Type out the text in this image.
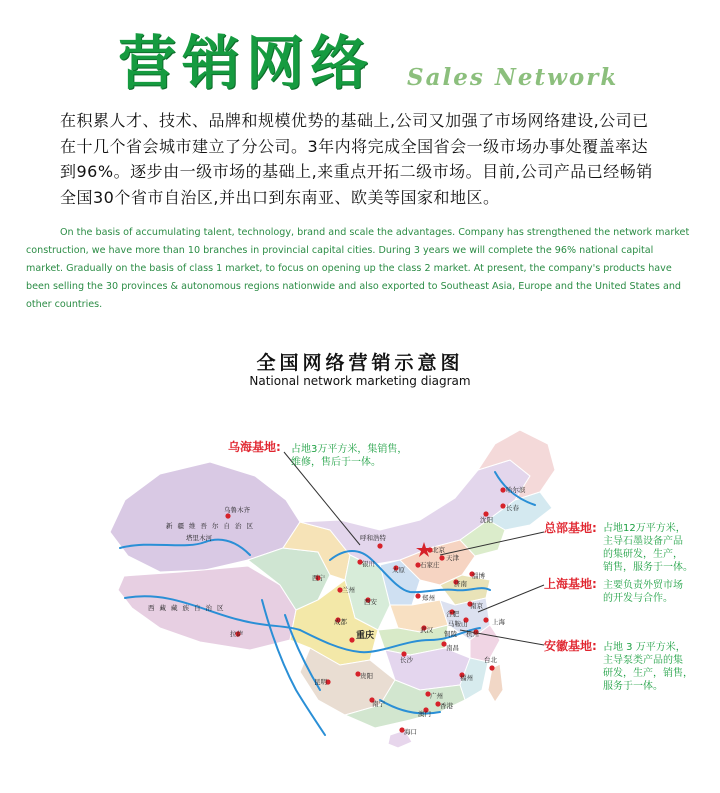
营销网络 Sales Network
在积累人才、技术、品牌和规模优势的基础上,公司又加强了市场网络建设,公司已在十几个省会城市建立了分公司。3年内将完成全国省会一级市场办事处覆盖率达到96%。逐步由一级市场的基础上,来重点开拓二级市场。目前,公司产品已经畅销全国30个省市自治区,并出口到东南亚、欧美等国家和地区。
On the basis of accumulating talent, technology, brand and scale the advantages. Company has strengthened the network market construction, we have more than 10 branches in provincial capital cities. During 3 years we will complete the 96% national capital market. Gradually on the basis of class 1 market, to focus on opening up the class 2 market. At present, the company's products have been selling the 30 provinces & autonomous regions nationwide and also exported to Southeast Asia, Europe and the United States and other countries.
全国网络营销示意图
National network marketing diagram
乌鲁木齐
新疆维吾尔自治区
塔里木河
西藏藏族自治区
拉萨
西宁
兰州
银川
呼和浩特
北京
天津
石家庄
太原
济南
淄博
哈尔滨
长春
沈阳
郑州
西安
成都
重庆
贵阳
昆明
南宁
广州
香港
澳门
海口
武汉
长沙
南昌
福州
台北
合肥
南京
马鞍山
杭州
上海
铜陵
乌海基地: 占地3万平方米，集销售，
维修，售后于一体。
总部基地: 占地12万平方米，
主导石墨设备产品
的集研发，生产，
销售，服务于一体。
上海基地: 主要负责外贸市场
的开发与合作。
安徽基地: 占地 3 万平方米，
主导泵类产品的集
研发，生产，销售，
服务于一体。
